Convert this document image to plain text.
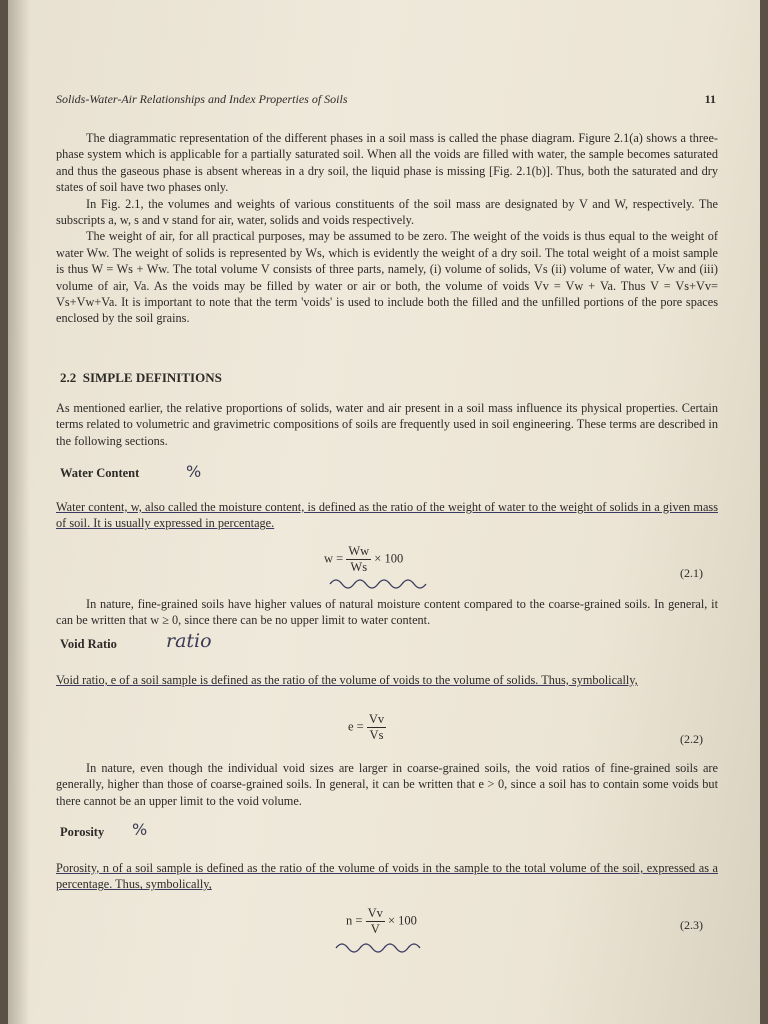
Solids-Water-Air Relationships and Index Properties of Soils	11

The diagrammatic representation of the different phases in a soil mass is called the phase diagram. Figure 2.1(a) shows a three-phase system which is applicable for a partially saturated soil. When all the voids are filled with water, the sample becomes saturated and thus the gaseous phase is absent whereas in a dry soil, the liquid phase is missing [Fig. 2.1(b)]. Thus, both the saturated and dry states of soil have two phases only.

In Fig. 2.1, the volumes and weights of various constituents of the soil mass are designated by V and W, respectively. The subscripts a, w, s and v stand for air, water, solids and voids respectively.

The weight of air, for all practical purposes, may be assumed to be zero. The weight of the voids is thus equal to the weight of water Ww. The weight of solids is represented by Ws, which is evidently the weight of a dry soil. The total weight of a moist sample is thus W = Ws + Ww. The total volume V consists of three parts, namely, (i) volume of solids, Vs (ii) volume of water, Vw and (iii) volume of air, Va. As the voids may be filled by water or air or both, the volume of voids Vv = Vw + Va. Thus V = Vs+Vv= Vs+Vw+Va. It is important to note that the term 'voids' is used to include both the filled and the unfilled portions of the pore spaces enclosed by the soil grains.

2.2 SIMPLE DEFINITIONS

As mentioned earlier, the relative proportions of solids, water and air present in a soil mass influence its physical properties. Certain terms related to volumetric and gravimetric compositions of soils are frequently used in soil engineering. These terms are described in the following sections.

Water Content	%

Water content, w, also called the moisture content, is defined as the ratio of the weight of water to the weight of solids in a given mass of soil. It is usually expressed in percentage.

$w = \frac{Ww}{Ws} \times 100$
(2.1)

In nature, fine-grained soils have higher values of natural moisture content compared to the coarse-grained soils. In general, it can be written that w ≥ 0, since there can be no upper limit to water content.

Void Ratio	ratio

Void ratio, e of a soil sample is defined as the ratio of the volume of voids to the volume of solids. Thus, symbolically,

$e = \frac{Vv}{Vs}$	(2.2)

In nature, even though the individual void sizes are larger in coarse-grained soils, the void ratios of fine-grained soils are generally, higher than those of coarse-grained soils. In general, it can be written that e > 0, since a soil has to contain some voids but there cannot be an upper limit to the void volume.

Porosity %

Porosity, n of a soil sample is defined as the ratio of the volume of voids in the sample to the total volume of the soil, expressed as a percentage. Thus, symbolically,

$n = \frac{Vv}{V} \times 100$	(2.3)
